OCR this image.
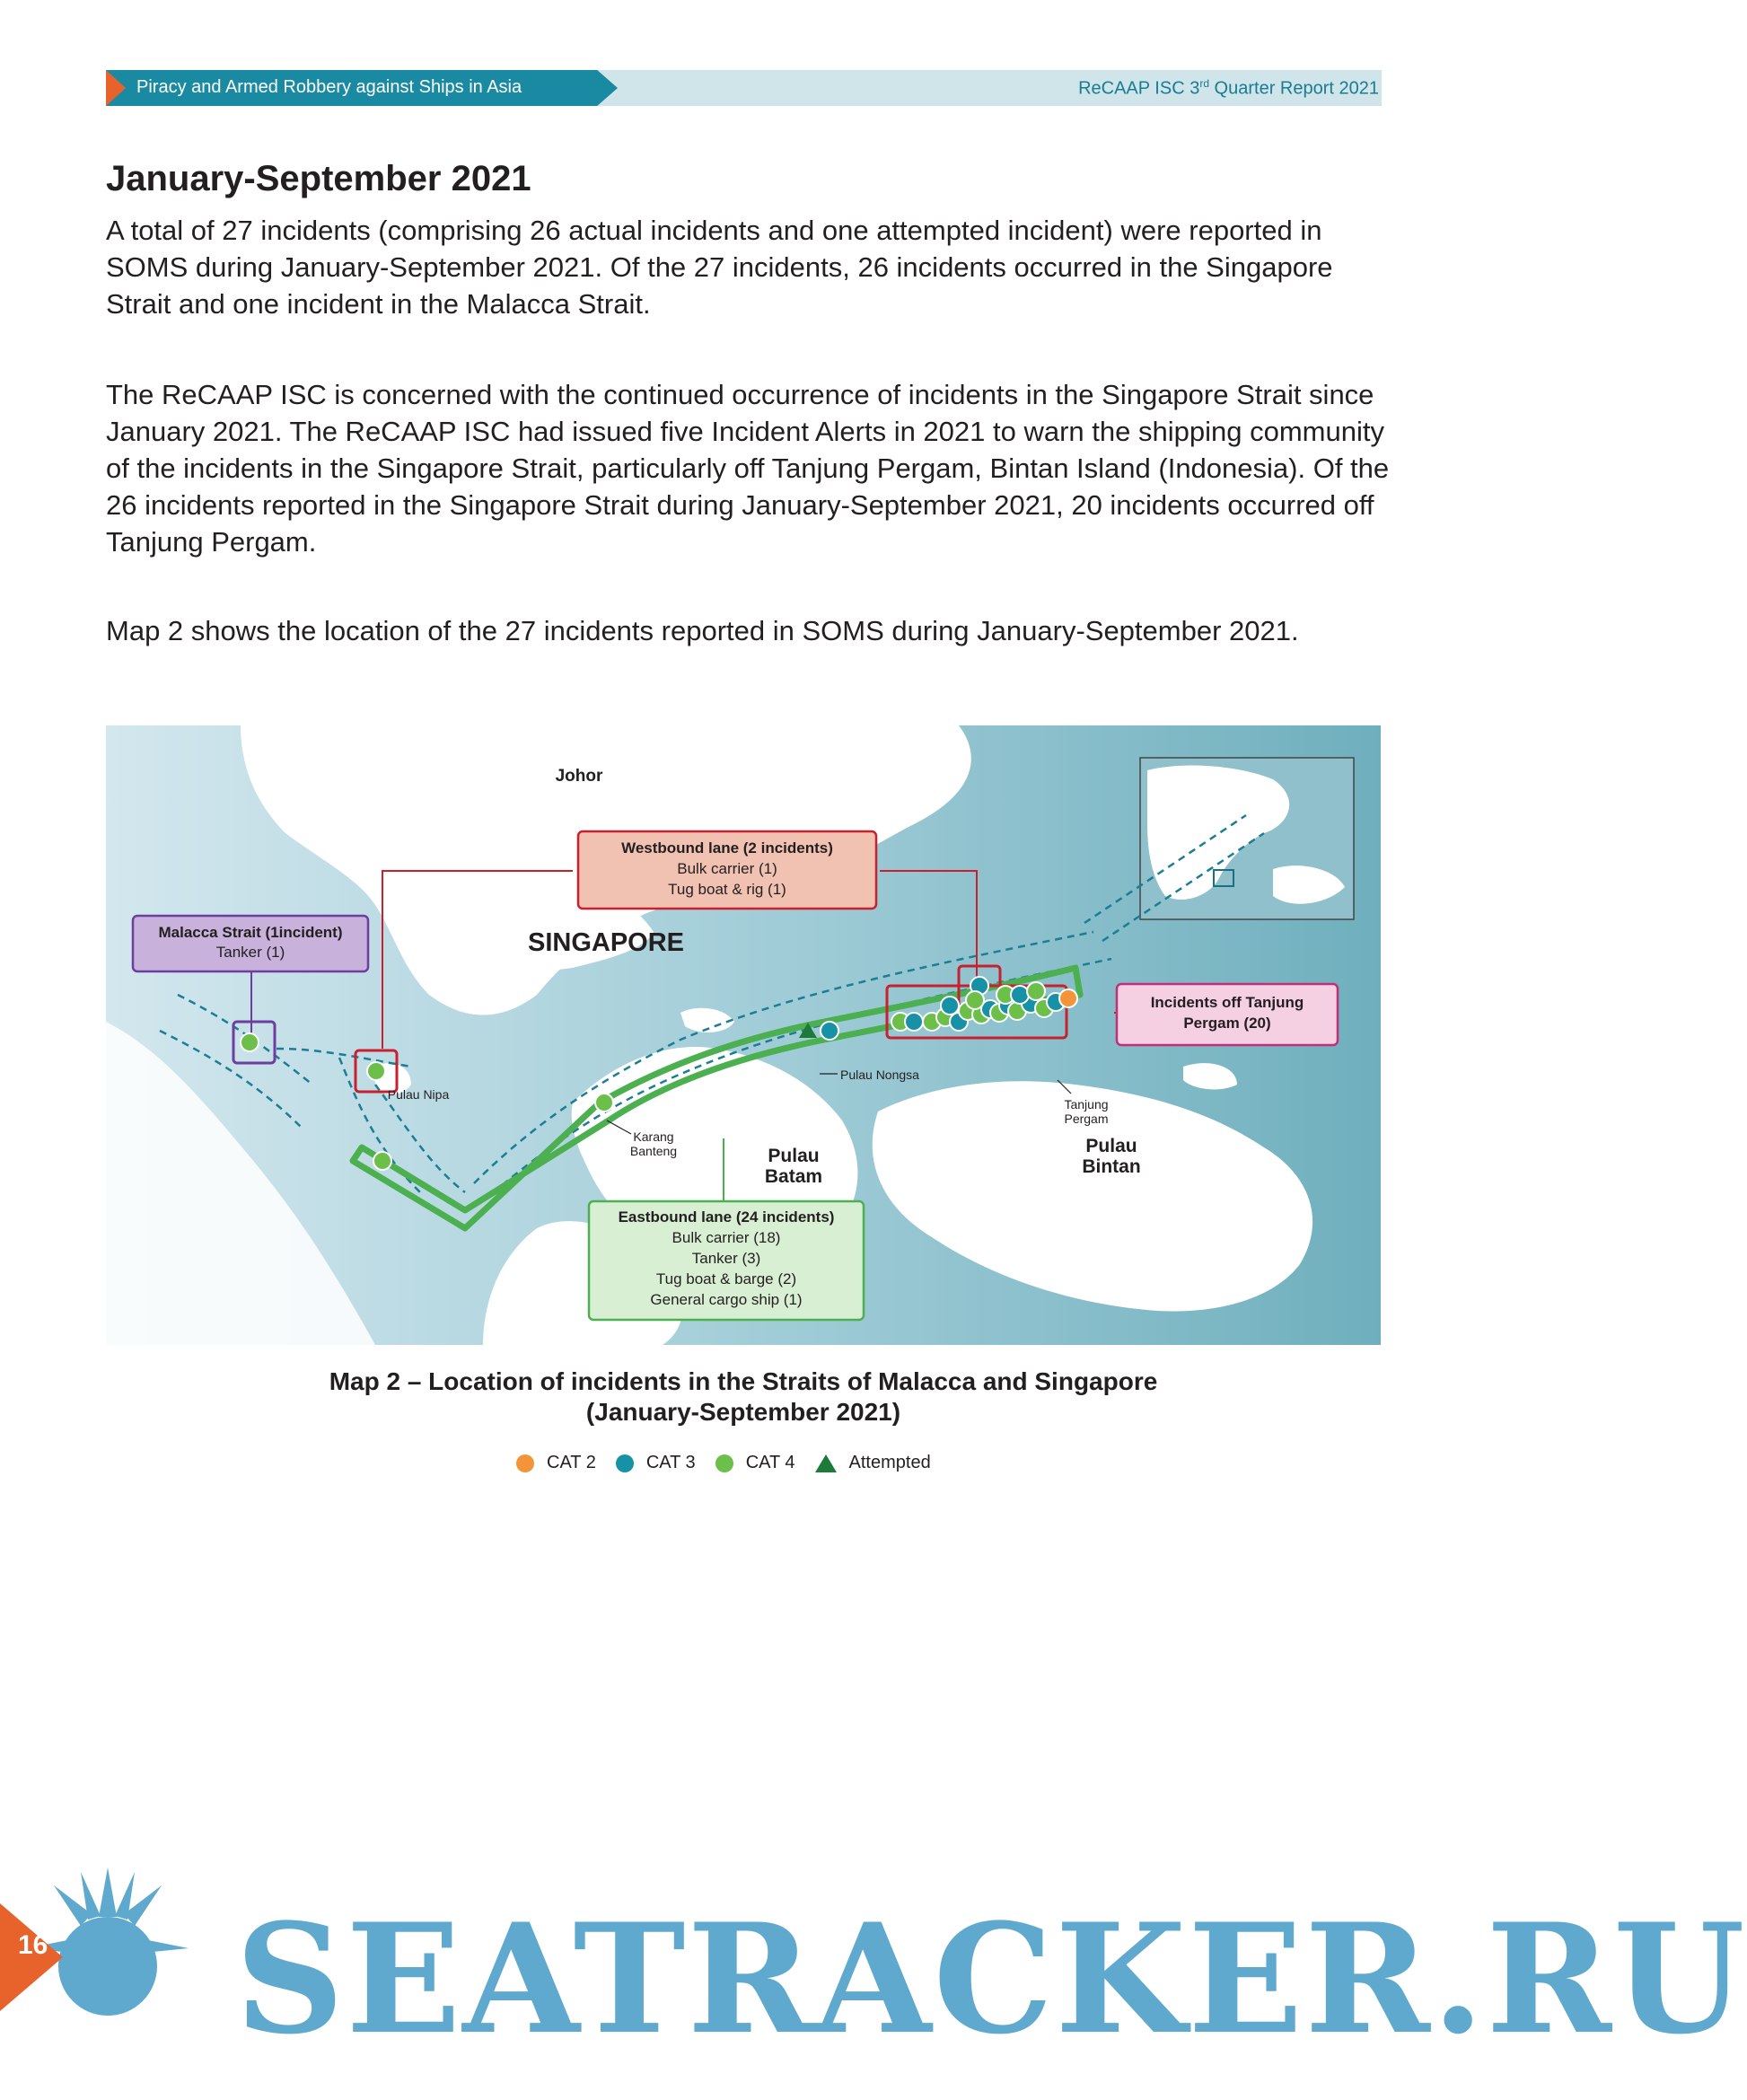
Piracy and Armed Robbery against Ships in Asia	ReCAAP ISC 3rd Quarter Report 2021
January-September 2021

A total of 27 incidents (comprising 26 actual incidents and one attempted incident) were reported in SOMS during January-September 2021. Of the 27 incidents, 26 incidents occurred in the Singapore Strait and one incident in the Malacca Strait.

The ReCAAP ISC is concerned with the continued occurrence of incidents in the Singapore Strait since January 2021. The ReCAAP ISC had issued five Incident Alerts in 2021 to warn the shipping community of the incidents in the Singapore Strait, particularly off Tanjung Pergam, Bintan Island (Indonesia). Of the 26 incidents reported in the Singapore Strait during January-September 2021, 20 incidents occurred off Tanjung Pergam.

Map 2 shows the location of the 27 incidents reported in SOMS during January-September 2021.

Johor
SINGAPORE
Pulau Nipa
Karang
Banteng
Pulau Nongsa
Tanjung
Pergam
Pulau
Batam
Pulau
Bintan
Westbound lane (2 incidents)
Bulk carrier (1)
Tug boat & rig (1)
Malacca Strait (1incident)
Tanker (1)
Incidents off Tanjung
Pergam (20)
Eastbound lane (24 incidents)
Bulk carrier (18)
Tanker (3)
Tug boat & barge (2)
General cargo ship (1)
Map 2 – Location of incidents in the Straits of Malacca and Singapore
(January-September 2021)
CAT 2	CAT 3	CAT 4	Attempted
16 SEATRACKER.RU
